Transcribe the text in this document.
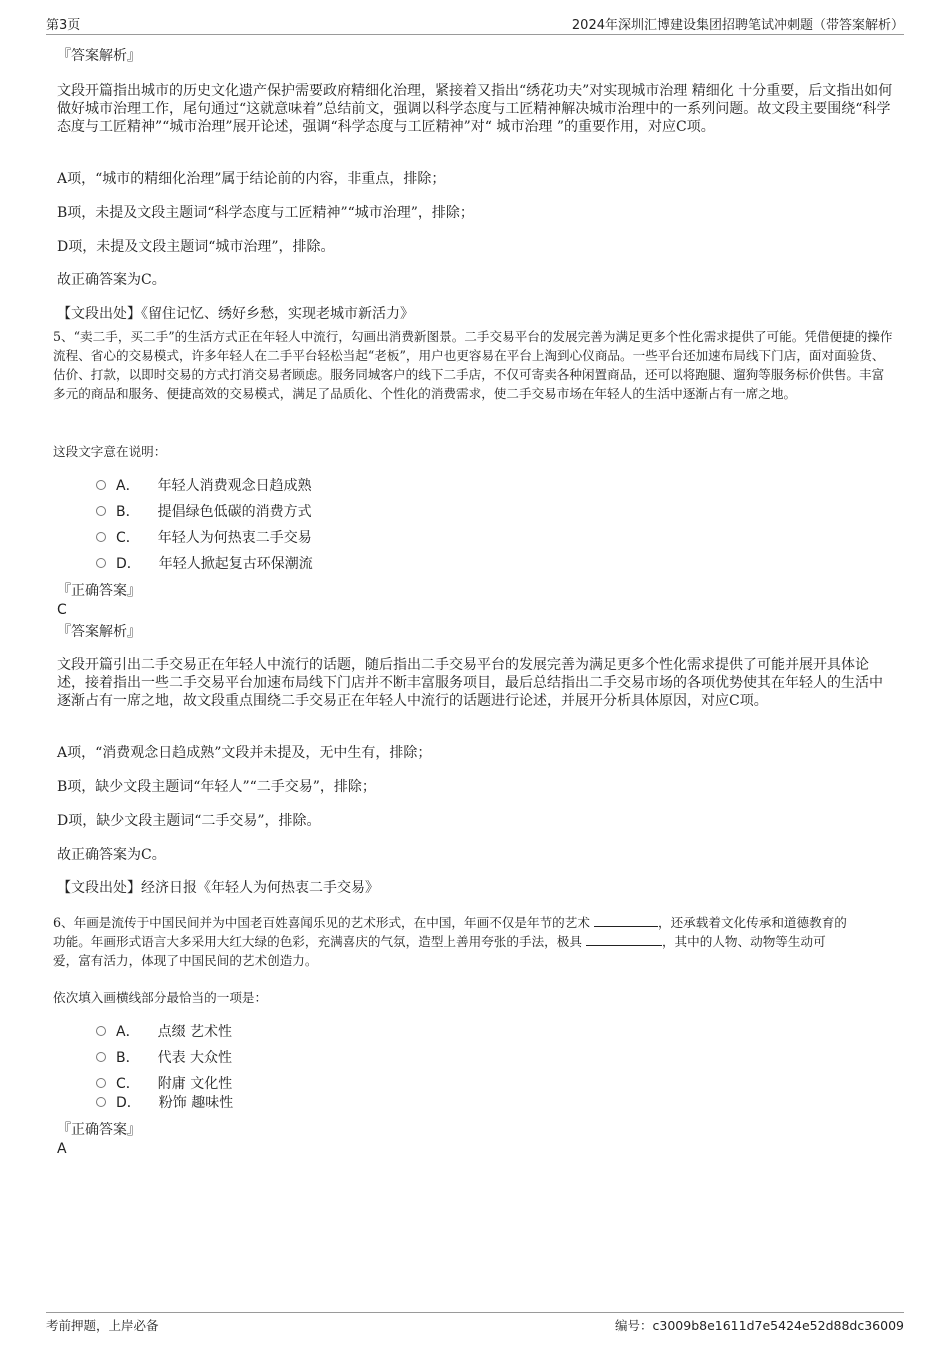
第3页	2024年深圳汇博建设集团招聘笔试冲刺题（带答案解析）
『答案解析』
文段开篇指出城市的历史文化遗产保护需要政府精细化治理，紧接着又指出“绣花功夫”对实现城市治理 精细化 十分重要，后文指出如何做好城市治理工作，尾句通过“这就意味着”总结前文，强调以科学态度与工匠精神解决城市治理中的一系列问题。故文段主要围绕“科学态度与工匠精神”“城市治理”展开论述，强调“科学态度与工匠精神”对“ 城市治理 ”的重要作用，对应C项。
A项，“城市的精细化治理”属于结论前的内容，非重点，排除；
B项，未提及文段主题词“科学态度与工匠精神”“城市治理”，排除；
D项，未提及文段主题词“城市治理”，排除。
故正确答案为C。
【文段出处】《留住记忆、绣好乡愁，实现老城市新活力》
5、“卖二手，买二手”的生活方式正在年轻人中流行，勾画出消费新图景。二手交易平台的发展完善为满足更多个性化需求提供了可能。凭借便捷的操作流程、省心的交易模式，许多年轻人在二手平台轻松当起“老板”，用户也更容易在平台上淘到心仪商品。一些平台还加速布局线下门店，面对面验货、估价、打款，以即时交易的方式打消交易者顾虑。服务同城客户的线下二手店，不仅可寄卖各种闲置商品，还可以将跑腿、遛狗等服务标价供售。丰富多元的商品和服务、便捷高效的交易模式，满足了品质化、个性化的消费需求，使二手交易市场在年轻人的生活中逐渐占有一席之地。
这段文字意在说明：
A． 年轻人消费观念日趋成熟
B． 提倡绿色低碳的消费方式
C． 年轻人为何热衷二手交易
D． 年轻人掀起复古环保潮流
『正确答案』
C
『答案解析』
文段开篇引出二手交易正在年轻人中流行的话题，随后指出二手交易平台的发展完善为满足更多个性化需求提供了可能并展开具体论述，接着指出一些二手交易平台加速布局线下门店并不断丰富服务项目，最后总结指出二手交易市场的各项优势使其在年轻人的生活中逐渐占有一席之地，故文段重点围绕二手交易正在年轻人中流行的话题进行论述，并展开分析具体原因，对应C项。
A项，“消费观念日趋成熟”文段并未提及，无中生有，排除；
B项，缺少文段主题词“年轻人”“二手交易”，排除；
D项，缺少文段主题词“二手交易”，排除。
故正确答案为C。
【文段出处】经济日报《年轻人为何热衷二手交易》
6、年画是流传于中国民间并为中国老百姓喜闻乐见的艺术形式，在中国，年画不仅是年节的艺术	，还承载着文化传承和道德教育的
功能。年画形式语言大多采用大红大绿的色彩，充满喜庆的气氛，造型上善用夸张的手法，极具	，其中的人物、动物等生动可
爱，富有活力，体现了中国民间的艺术创造力。
依次填入画横线部分最恰当的一项是：
A． 点缀 艺术性
B． 代表 大众性
C． 附庸 文化性
D． 粉饰 趣味性
『正确答案』
A
考前押题，上岸必备	编号：c3009b8e1611d7e5424e52d88dc36009
